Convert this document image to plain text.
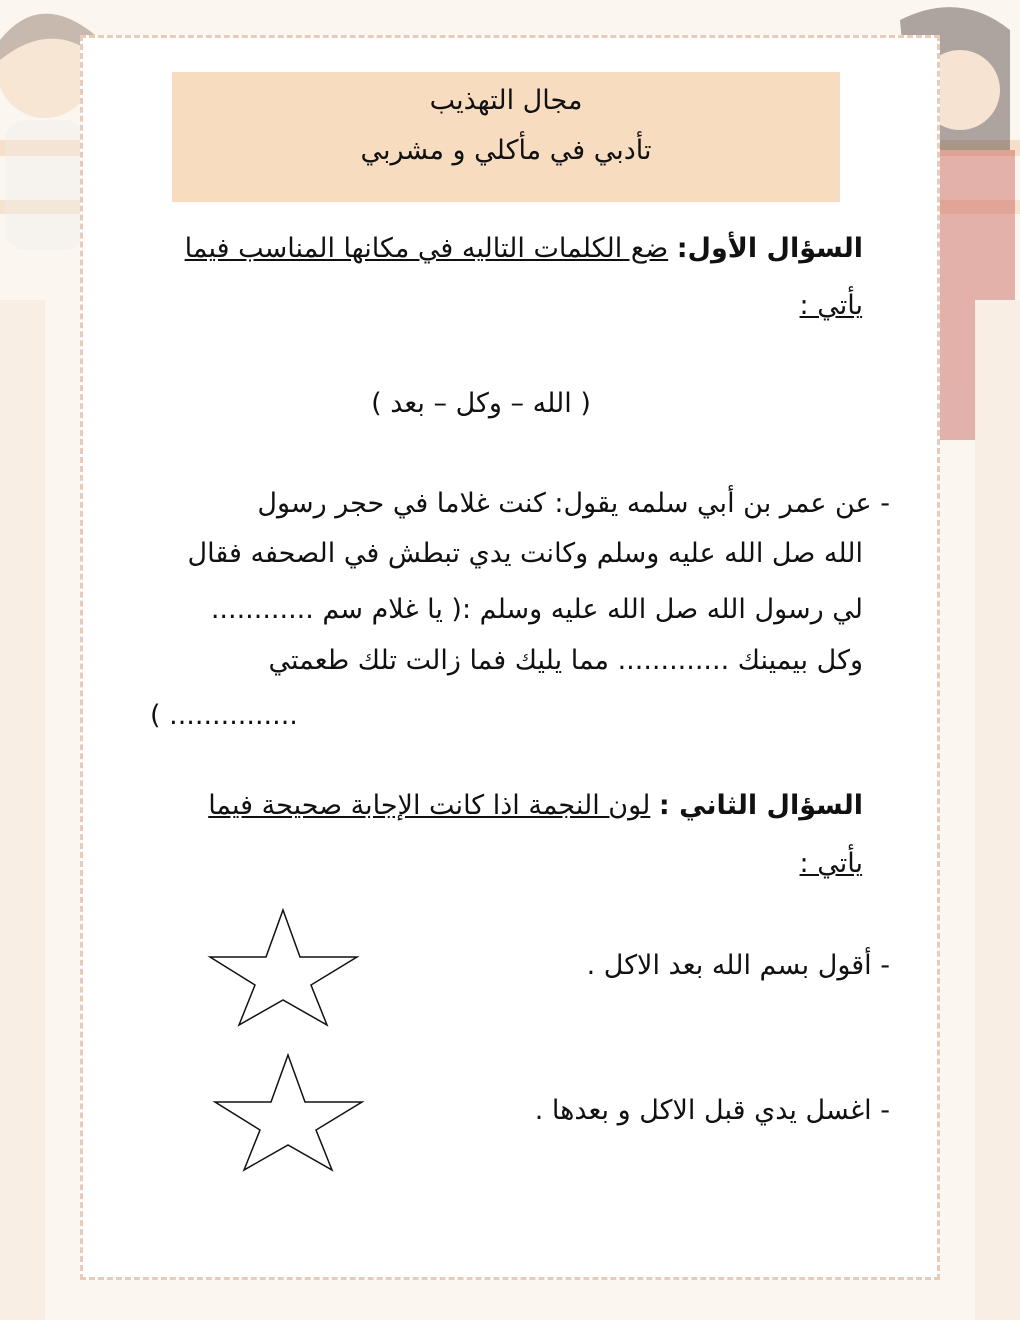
مجال التهذيب
تأدبي في مأكلي و مشربي
السؤال الأول: ضع الكلمات التاليه في مكانها المناسب فيما
يأتي :
( الله – وكل – بعد )
- عن عمر بن أبي سلمه يقول: كنت غلاما في حجر رسول
الله صل الله عليه وسلم وكانت يدي تبطش في الصحفه فقال
لي رسول الله صل الله عليه وسلم :( يا غلام سم ............
وكل بيمينك ............. مما يليك فما زالت تلك طعمتي
............... )
السؤال الثاني : لون النجمة اذا كانت الإجابة صحيحة فيما
يأتي :
- أقول بسم الله بعد الاكل .
- اغسل يدي قبل الاكل و بعدها .
